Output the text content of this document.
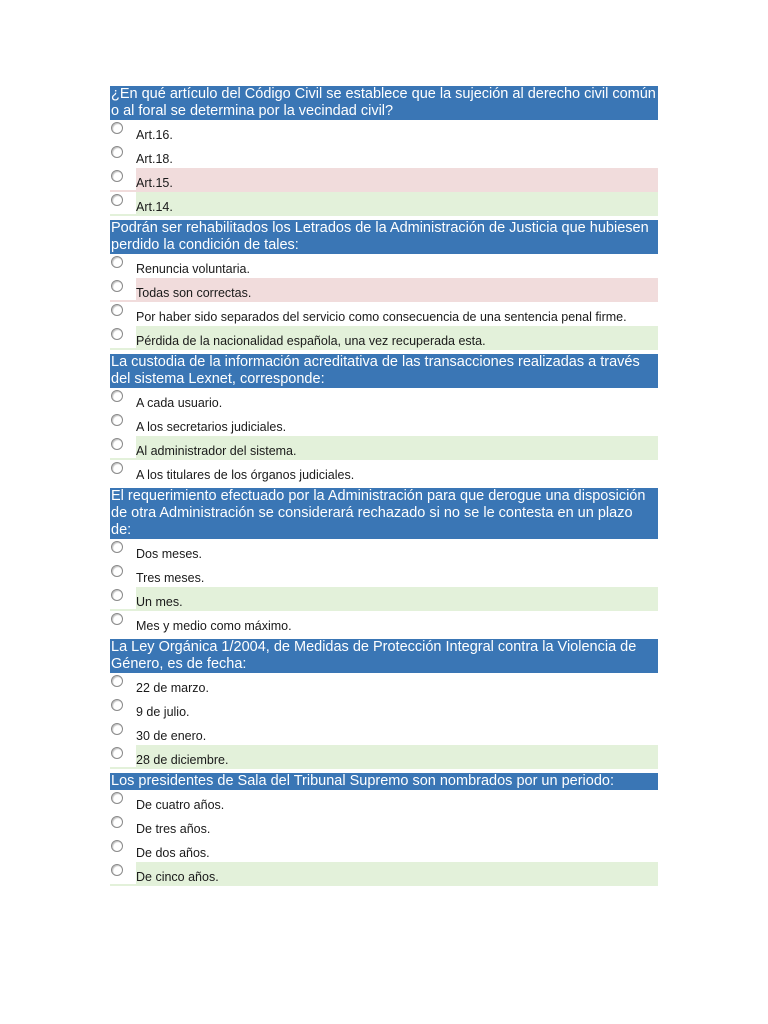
¿En qué artículo del Código Civil se establece que la sujeción al derecho civil común o al foral se determina por la vecindad civil?
Art.16.
Art.18.
Art.15.
Art.14.
Podrán ser rehabilitados los Letrados de la Administración de Justicia que hubiesen perdido la condición de tales:
Renuncia voluntaria.
Todas son correctas.
Por haber sido separados del servicio como consecuencia de una sentencia penal firme.
Pérdida de la nacionalidad española, una vez recuperada esta.
La custodia de la información acreditativa de las transacciones realizadas a través del sistema Lexnet, corresponde:
A cada usuario.
A los secretarios judiciales.
Al administrador del sistema.
A los titulares de los órganos judiciales.
El requerimiento efectuado por la Administración para que derogue una disposición de otra Administración se considerará rechazado si no se le contesta en un plazo de:
Dos meses.
Tres meses.
Un mes.
Mes y medio como máximo.
La Ley Orgánica 1/2004, de Medidas de Protección Integral contra la Violencia de Género, es de fecha:
22 de marzo.
9 de julio.
30 de enero.
28 de diciembre.
Los presidentes de Sala del Tribunal Supremo son nombrados por un periodo:
De cuatro años.
De tres años.
De dos años.
De cinco años.
